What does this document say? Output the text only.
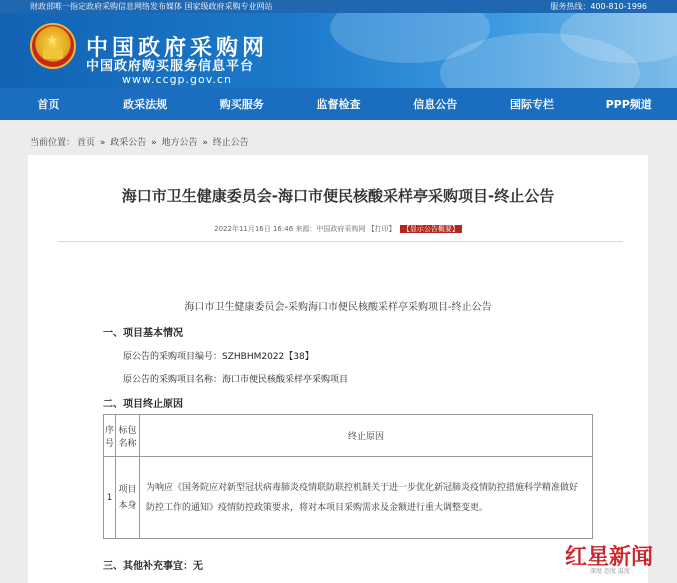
财政部唯一指定政府采购信息网络发布媒体 国家级政府采购专业网站	服务热线：400-810-1996
★ 中国政府采购网
中国政府购买服务信息平台
www.ccgp.gov.cn
首页	政采法规	购买服务	监督检查	信息公告	国际专栏	PPP频道
当前位置： 首页 » 政采公告 » 地方公告 » 终止公告
海口市卫生健康委员会-海口市便民核酸采样亭采购项目-终止公告
2022年11月16日 16:46 来源：中国政府采购网 【打印】 【显示公告概要】
海口市卫生健康委员会-采购海口市便民核酸采样亭采购项目-终止公告
一、项目基本情况
原公告的采购项目编号：SZHBHM2022【38】
原公告的采购项目名称：海口市便民核酸采样亭采购项目
二、项目终止原因
序号	标包名称	终止原因
1	项目本身	为响应《国务院应对新型冠状病毒肺炎疫情联防联控机制关于进一步优化新冠肺炎疫情防控措施科学精准做好防控工作的通知》疫情防控政策要求，将对本项目采购需求及金额进行重大调整变更。
三、其他补充事宜：无	红星新闻
深度 态度 温度
